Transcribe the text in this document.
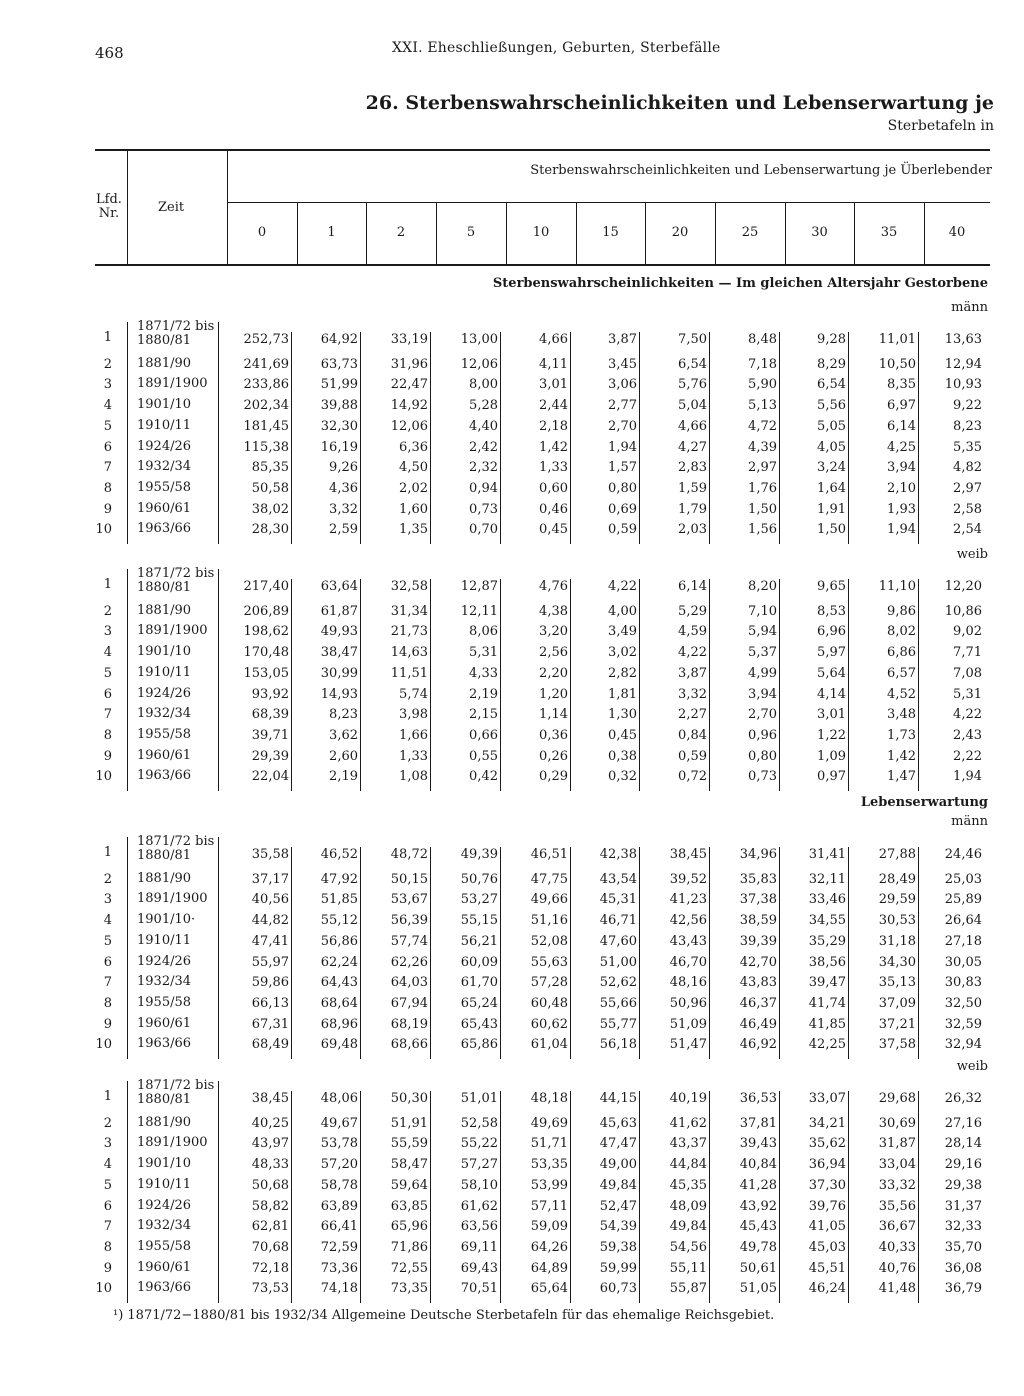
468	XXI. Eheschließungen, Geburten, Sterbefälle
26. Sterbenswahrscheinlichkeiten und Lebenserwartung je
Sterbetafeln in
Lfd.
Nr.	Zeit
Sterbenswahrscheinlichkeiten und Lebenserwartung je Überlebender
0	1	2	5	10	15	20	25	30	35	40
Sterbenswahrscheinlichkeiten — Im gleichen Altersjahr Gestorbene
männ
1
1871/72 bis
1880/81	252,73	64,92	33,19	13,00	4,66	3,87	7,50	8,48	9,28	11,01	13,63
2 1881/90	241,69	63,73	31,96	12,06	4,11	3,45	6,54	7,18	8,29	10,50	12,94
3 1891/1900	233,86	51,99	22,47	8,00	3,01	3,06	5,76	5,90	6,54	8,35	10,93
4 1901/10	202,34	39,88	14,92	5,28	2,44	2,77	5,04	5,13	5,56	6,97	9,22
5 1910/11	181,45	32,30	12,06	4,40	2,18	2,70	4,66	4,72	5,05	6,14	8,23
6 1924/26	115,38	16,19	6,36	2,42	1,42	1,94	4,27	4,39	4,05	4,25	5,35
7 1932/34	85,35	9,26	4,50	2,32	1,33	1,57	2,83	2,97	3,24	3,94	4,82
8 1955/58	50,58	4,36	2,02	0,94	0,60	0,80	1,59	1,76	1,64	2,10	2,97
9 1960/61	38,02	3,32	1,60	0,73	0,46	0,69	1,79	1,50	1,91	1,93	2,58
10 1963/66	28,30	2,59	1,35	0,70	0,45	0,59	2,03	1,56	1,50	1,94	2,54
weib
1
1871/72 bis
1880/81	217,40	63,64	32,58	12,87	4,76	4,22	6,14	8,20	9,65	11,10	12,20
2 1881/90	206,89	61,87	31,34	12,11	4,38	4,00	5,29	7,10	8,53	9,86	10,86
3 1891/1900	198,62	49,93	21,73	8,06	3,20	3,49	4,59	5,94	6,96	8,02	9,02
4 1901/10	170,48	38,47	14,63	5,31	2,56	3,02	4,22	5,37	5,97	6,86	7,71
5 1910/11	153,05	30,99	11,51	4,33	2,20	2,82	3,87	4,99	5,64	6,57	7,08
6 1924/26	93,92	14,93	5,74	2,19	1,20	1,81	3,32	3,94	4,14	4,52	5,31
7 1932/34	68,39	8,23	3,98	2,15	1,14	1,30	2,27	2,70	3,01	3,48	4,22
8 1955/58	39,71	3,62	1,66	0,66	0,36	0,45	0,84	0,96	1,22	1,73	2,43
9 1960/61	29,39	2,60	1,33	0,55	0,26	0,38	0,59	0,80	1,09	1,42	2,22
10 1963/66	22,04	2,19	1,08	0,42	0,29	0,32	0,72	0,73	0,97	1,47	1,94
Lebenserwartung
männ
1
1871/72 bis
1880/81	35,58	46,52	48,72	49,39	46,51	42,38	38,45	34,96	31,41	27,88	24,46
2 1881/90	37,17	47,92	50,15	50,76	47,75	43,54	39,52	35,83	32,11	28,49	25,03
3 1891/1900	40,56	51,85	53,67	53,27	49,66	45,31	41,23	37,38	33,46	29,59	25,89
4 1901/10·	44,82	55,12	56,39	55,15	51,16	46,71	42,56	38,59	34,55	30,53	26,64
5 1910/11	47,41	56,86	57,74	56,21	52,08	47,60	43,43	39,39	35,29	31,18	27,18
6 1924/26	55,97	62,24	62,26	60,09	55,63	51,00	46,70	42,70	38,56	34,30	30,05
7 1932/34	59,86	64,43	64,03	61,70	57,28	52,62	48,16	43,83	39,47	35,13	30,83
8 1955/58	66,13	68,64	67,94	65,24	60,48	55,66	50,96	46,37	41,74	37,09	32,50
9 1960/61	67,31	68,96	68,19	65,43	60,62	55,77	51,09	46,49	41,85	37,21	32,59
10 1963/66	68,49	69,48	68,66	65,86	61,04	56,18	51,47	46,92	42,25	37,58	32,94
weib
1
1871/72 bis
1880/81	38,45	48,06	50,30	51,01	48,18	44,15	40,19	36,53	33,07	29,68	26,32
2 1881/90	40,25	49,67	51,91	52,58	49,69	45,63	41,62	37,81	34,21	30,69	27,16
3 1891/1900	43,97	53,78	55,59	55,22	51,71	47,47	43,37	39,43	35,62	31,87	28,14
4 1901/10	48,33	57,20	58,47	57,27	53,35	49,00	44,84	40,84	36,94	33,04	29,16
5 1910/11	50,68	58,78	59,64	58,10	53,99	49,84	45,35	41,28	37,30	33,32	29,38
6 1924/26	58,82	63,89	63,85	61,62	57,11	52,47	48,09	43,92	39,76	35,56	31,37
7 1932/34	62,81	66,41	65,96	63,56	59,09	54,39	49,84	45,43	41,05	36,67	32,33
8 1955/58	70,68	72,59	71,86	69,11	64,26	59,38	54,56	49,78	45,03	40,33	35,70
9 1960/61	72,18	73,36	72,55	69,43	64,89	59,99	55,11	50,61	45,51	40,76	36,08
10 1963/66	73,53	74,18	73,35	70,51	65,64	60,73	55,87	51,05	46,24	41,48	36,79
¹) 1871/72−1880/81 bis 1932/34 Allgemeine Deutsche Sterbetafeln für das ehemalige Reichsgebiet.
